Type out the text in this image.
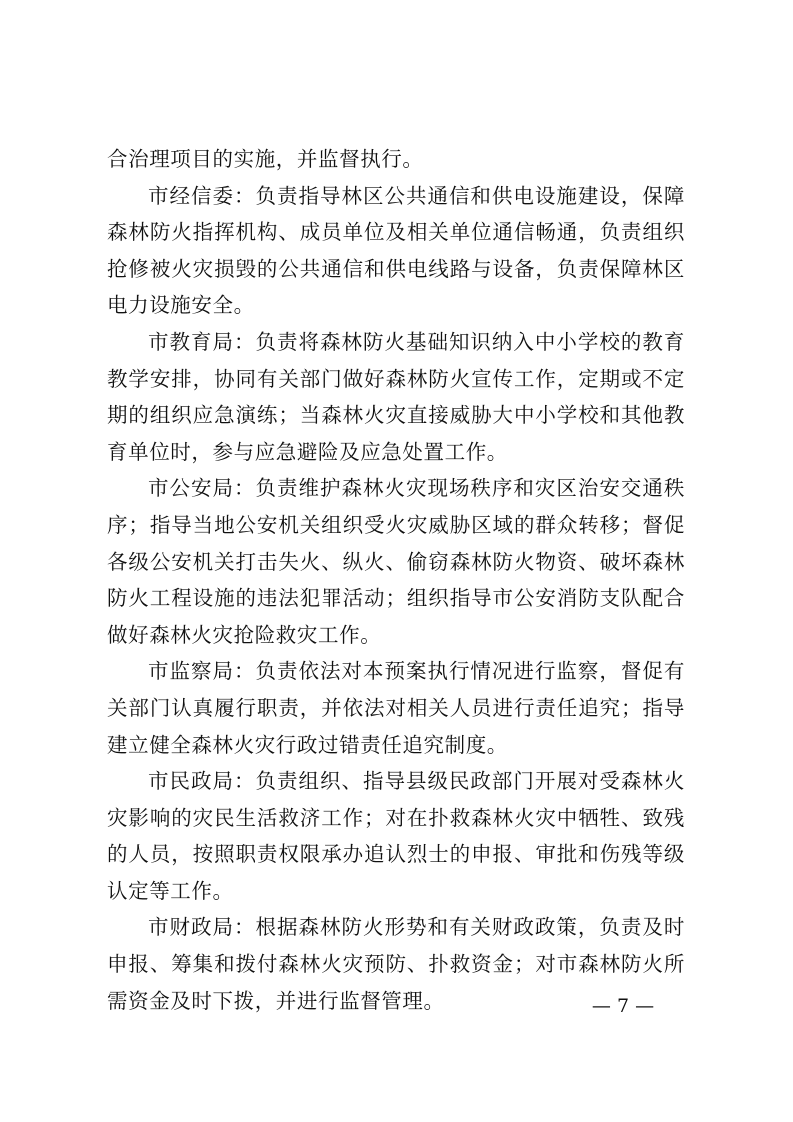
合治理项目的实施，并监督执行。

市经信委：负责指导林区公共通信和供电设施建设，保障森林防火指挥机构、成员单位及相关单位通信畅通，负责组织抢修被火灾损毁的公共通信和供电线路与设备，负责保障林区电力设施安全。

市教育局：负责将森林防火基础知识纳入中小学校的教育教学安排，协同有关部门做好森林防火宣传工作，定期或不定期的组织应急演练；当森林火灾直接威胁大中小学校和其他教育单位时，参与应急避险及应急处置工作。

市公安局：负责维护森林火灾现场秩序和灾区治安交通秩序；指导当地公安机关组织受火灾威胁区域的群众转移；督促各级公安机关打击失火、纵火、偷窃森林防火物资、破坏森林防火工程设施的违法犯罪活动；组织指导市公安消防支队配合做好森林火灾抢险救灾工作。

市监察局：负责依法对本预案执行情况进行监察，督促有关部门认真履行职责，并依法对相关人员进行责任追究；指导建立健全森林火灾行政过错责任追究制度。

市民政局：负责组织、指导县级民政部门开展对受森林火灾影响的灾民生活救济工作；对在扑救森林火灾中牺牲、致残的人员，按照职责权限承办追认烈士的申报、审批和伤残等级认定等工作。

市财政局：根据森林防火形势和有关财政政策，负责及时申报、筹集和拨付森林火灾预防、扑救资金；对市森林防火所需资金及时下拨，并进行监督管理。	— 7 —
